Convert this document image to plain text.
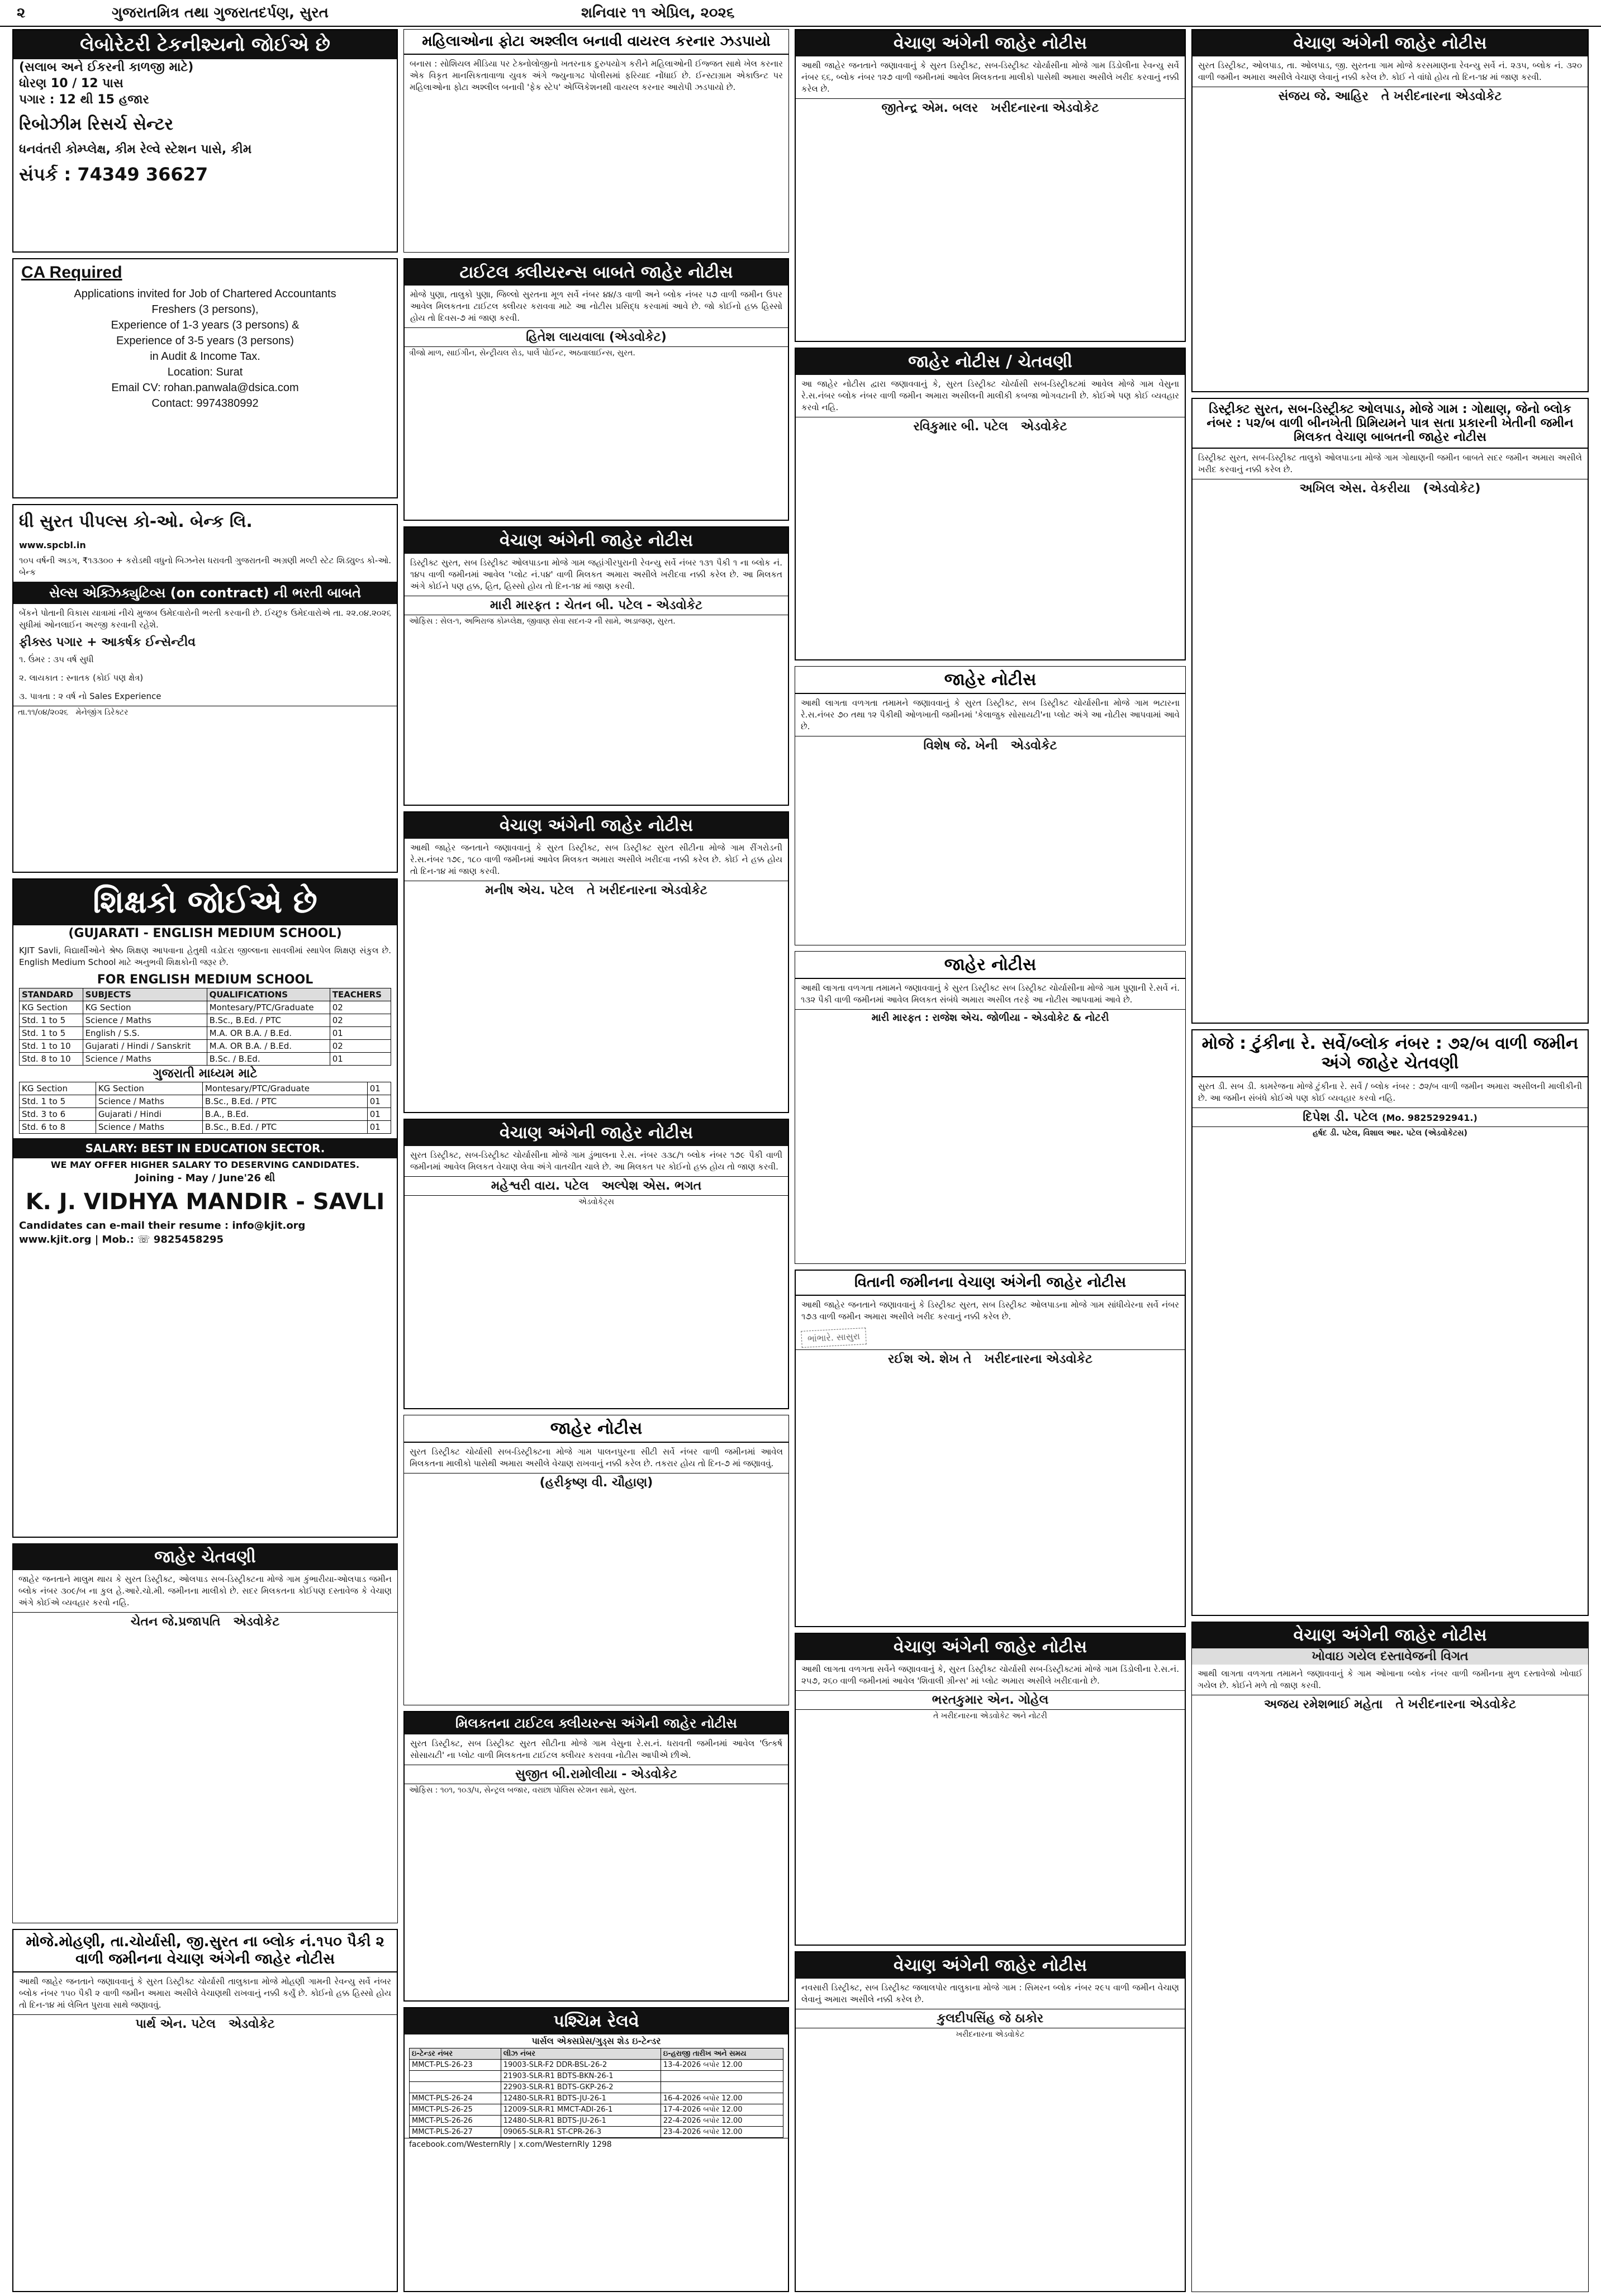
૨	ગુજરાતમિત્ર તથા ગુજરાતદર્પણ, સુરત	શનિવાર ૧૧ એપ્રિલ, ૨૦૨૬
લેબોરેટરી ટેકનીશ્યનો જોઈએ છે
(સલાબ અને ઈકરની કાળજી માટે)
ધોરણ 10 / 12 પાસ
પગાર : 12 થી 15 હજાર
રિબોઝીમ રિસર્ચ સેન્ટર
ધનવંતરી કોમ્પ્લેક્ષ, કીમ રેલ્વે સ્ટેશન પાસે, કીમ
સંપર્ક : 74349 36627
CA Required
Applications invited for Job of Chartered Accountants
Freshers (3 persons),
Experience of 1-3 years (3 persons) &
Experience of 3-5 years (3 persons)
in Audit & Income Tax.
Location: Surat
Email CV: rohan.panwala@dsica.com
Contact: 9974380992
ધી સુરત પીપલ્સ કો-ઓ. બેન્ક લિ.
www.spcbl.in
૧૦૫ વર્ષની અડગ, ₹૧૩૩૦૦ + કરોડથી વધુનો બિઝનેસ ધરાવતી ગુજરાતની અગ્રણી મલ્ટી સ્ટેટ શિડ્યુલ્ડ કો-ઓ. બેન્ક
સેલ્સ એક્ઝિક્યુટિવ્સ (on contract) ની ભરતી બાબતે
બેંકને પોતાની વિકાસ યાત્રામાં નીચે મુજબ ઉમેદવારોની ભરતી કરવાની છે. ઈચ્છુક ઉમેદવારોએ તા. ૨૨.૦૪.૨૦૨૬ સુધીમાં ઓનલાઈન અરજી કરવાની રહેશે.
ફીક્સ્ડ પગાર + આકર્ષક ઈન્સેન્ટીવ
૧. ઉંમર : ૩૫ વર્ષ સુધી
૨. લાયકાત : સ્નાતક (કોઈ પણ ક્ષેત્ર)
૩. પાત્રતા : ૨ વર્ષ નો Sales Experience
તા.૧૧/૦૪/૨૦૨૬ મેનેજીંગ ડિરેક્ટર
શિક્ષકો જોઈએ છે
(GUJARATI - ENGLISH MEDIUM SCHOOL)
KJIT Savli, વિદ્યાર્થીઓને શ્રેષ્ઠ શિક્ષણ આપવાના હેતુથી વડોદરા જીલ્લાના સાવલીમાં સ્થાપેલ શિક્ષણ સંકુલ છે. English Medium School માટે અનુભવી શિક્ષકોની જરૂર છે.
FOR ENGLISH MEDIUM SCHOOL
STANDARD	SUBJECTS	QUALIFICATIONS	TEACHERS
KG Section	KG Section	Montesary/PTC/Graduate	02
Std. 1 to 5	Science / Maths	B.Sc., B.Ed. / PTC	02
Std. 1 to 5	English / S.S.	M.A. OR B.A. / B.Ed.	01
Std. 1 to 10	Gujarati / Hindi / Sanskrit	M.A. OR B.A. / B.Ed.	02
Std. 8 to 10	Science / Maths	B.Sc. / B.Ed.	01
ગુજરાતી માધ્યમ માટે
KG Section	KG Section	Montesary/PTC/Graduate	01
Std. 1 to 5	Science / Maths	B.Sc., B.Ed. / PTC	01
Std. 3 to 6	Gujarati / Hindi	B.A., B.Ed.	01
Std. 6 to 8	Science / Maths	B.Sc., B.Ed. / PTC	01
SALARY: BEST IN EDUCATION SECTOR.
WE MAY OFFER HIGHER SALARY TO DESERVING CANDIDATES.
Joining - May / June'26 થી
K. J. VIDHYA MANDIR - SAVLI
Candidates can e-mail their resume : info@kjit.org
www.kjit.org | Mob.: ☏ 9825458295
જાહેર ચેતવણી
જાહેર જનતાને માલુમ થાય કે સુરત ડિસ્ટ્રીક્ટ, ઓલપાડ સબ-ડિસ્ટ્રીક્ટના મોજે ગામ કુંભારીયા-ઓલપાડ જમીન બ્લોક નંબર ૩૦૯/બ ના કુલ હે.આરે.ચો.મી. જમીનના માલીકો છે. સદર મિલકતના કોઈપણ દસ્તાવેજ કે વેચાણ અંગે કોઈએ વ્યવહાર કરવો નહિ.
ચેતન જે.પ્રજાપતિ એડવોકેટ
મોજે.મોહણી, તા.ચોર્યાસી, જી.સુરત ના બ્લોક નં.૧૫૦ પૈકી ૨ વાળી જમીનના વેચાણ અંગેની જાહેર નોટીસ
આથી જાહેર જનતાને જણાવવાનું કે સુરત ડિસ્ટ્રીક્ટ ચોર્યાસી તાલુકાના મોજે મોહણી ગામની રેવન્યુ સર્વે નંબર બ્લોક નંબર ૧૫૦ પૈકી ૨ વાળી જમીન અમારા અસીલે વેચાણથી રાખવાનું નક્કી કર્યું છે. કોઈનો હક્ક હિસ્સો હોય તો દિન-૧૪ માં લેખિત પુરાવા સાથે જણાવવું.
પાર્થ એન. પટેલ એડવોકેટ
મહિલાઓના ફોટા અશ્લીલ બનાવી વાયરલ કરનાર ઝડપાયો
બનાસ : સોશિયલ મીડિયા પર ટેક્નોલોજીનો ખતરનાક દુરુપયોગ કરીને મહિલાઓની ઈજ્જત સાથે ખેલ કરનાર એક વિકૃત માનસિકતાવાળા યુવક અંગે જ્યુનાગઢ પોલીસમાં ફરિયાદ નોંધાઈ છે. ઈન્સ્ટાગ્રામ એકાઉન્ટ પર મહિલાઓના ફોટા અશ્લીલ બનાવી 'ફેક સ્ટેપ' એપ્લિકેશનથી વાયરલ કરનાર આરોપી ઝડપાયો છે.
ટાઈટલ ક્લીયરન્સ બાબતે જાહેર નોટીસ
મોજે પુણા, તાલુકો પુણા, જિલ્લો સુરતના મૂળ સર્વે નંબર ૪૪/૩ વાળી અને બ્લોક નંબર ૫૭ વાળી જમીન ઉપર આવેલ મિલકતના ટાઈટલ ક્લીયર કરાવવા માટે આ નોટીસ પ્રસિદ્ધ કરવામાં આવે છે. જો કોઈનો હક્ક હિસ્સો હોય તો દિવસ-૭ માં જાણ કરવી.
હિતેશ લાયવાલા (એડવોકેટ)
ત્રીજો માળ, સાઈગીન, સેન્ટ્રીયલ રોડ, પાર્લે પોઈન્ટ, અઠવાલાઈન્સ, સુરત.
વેચાણ અંગેની જાહેર નોટીસ
ડિસ્ટ્રીક્ટ સુરત, સબ ડિસ્ટ્રીક્ટ ઓલપાડના મોજે ગામ જહાંગીરપુરાની રેવન્યુ સર્વે નંબર ૧૩૧ પૈકી ૧ ના બ્લોક નં. ૧૪૫ વાળી જમીનમાં આવેલ 'પ્લોટ નં.૫૪' વાળી મિલકત અમારા અસીલે ખરીદવા નક્કી કરેલ છે. આ મિલકત અંગે કોઈને પણ હક્ક, હિત, હિસ્સો હોય તો દિન-૧૪ માં જાણ કરવી.
મારી મારફત : ચેતન બી. પટેલ - એડવોકેટ
ઓફિસ : સેલ-૧, અભિરાજ કોમ્પ્લેક્ષ, જીવાણ સેવા સદન-૨ ની સામે, અડાજણ, સુરત.
વેચાણ અંગેની જાહેર નોટીસ
આથી જાહેર જનતાને જણાવવાનું કે સુરત ડિસ્ટ્રીક્ટ, સબ ડિસ્ટ્રીક્ટ સુરત સીટીના મોજે ગામ રીંગરોડની રે.સ.નંબર ૧૭૯, ૧૮૦ વાળી જમીનમાં આવેલ મિલકત અમારા અસીલે ખરીદવા નક્કી કરેલ છે. કોઈ ને હક્ક હોય તો દિન-૧૪ માં જાણ કરવી.
મનીષ એચ. પટેલ તે ખરીદનારના એડવોકેટ
વેચાણ અંગેની જાહેર નોટીસ
સુરત ડિસ્ટ્રીક્ટ, સબ-ડિસ્ટ્રીક્ટ ચોર્યાસીના મોજે ગામ ડુંભાલના રે.સ. નંબર ૩૩૮/૧ બ્લોક નંબર ૧૭૯ પૈકી વાળી જમીનમાં આવેલ મિલકત વેચાણ લેવા અંગે વાતચીત ચાલે છે. આ મિલકત પર કોઈનો હક્ક હોય તો જાણ કરવી.
મહેશ્વરી વાય. પટેલ અલ્પેશ એસ. ભગત
એડવોકેટ્સ
જાહેર નોટીસ
સુરત ડિસ્ટ્રીક્ટ ચોર્યાસી સબ-ડિસ્ટ્રીક્ટના મોજે ગામ પાલનપુરના સીટી સર્વે નંબર વાળી જમીનમાં આવેલ મિલકતના માલીકો પાસેથી અમારા અસીલે વેચાણ રાખવાનું નક્કી કરેલ છે. તકરાર હોય તો દિન-૭ માં જણાવવું.
(હરીકૃષ્ણ વી. ચૌહાણ)
મિલકતના ટાઈટલ ક્લીયરન્સ અંગેની જાહેર નોટીસ
સુરત ડિસ્ટ્રીક્ટ, સબ ડિસ્ટ્રીક્ટ સુરત સીટીના મોજે ગામ વેસુના રે.સ.નં. ધરાવતી જમીનમાં આવેલ 'ઉત્કર્ષ સોસાયટી' ના પ્લોટ વાળી મિલકતના ટાઈટલ ક્લીયર કરાવવા નોટીસ આપીએ છીએ.
સુજીત બી.રામોલીયા - એડવોકેટ
ઓફિસ : ૧૦૧, ૧૦૩/૫, સેન્ટ્રલ બજાર, વરાછા પોલિસ સ્ટેશન સામે, સુરત.
પશ્ચિમ રેલવે
પાર્સલ એક્સપ્રેસ/ગુડ્સ શેડ ઇ-ટેન્ડર
ઇ-ટેન્ડર નંબર	લીઝ નંબર	ઇ-હરાજી તારીખ અને સમય
MMCT-PLS-26-23	19003-SLR-F2 DDR-BSL-26-2	13-4-2026 બપોર 12.00
	21903-SLR-R1 BDTS-BKN-26-1	
	22903-SLR-R1 BDTS-GKP-26-2	
MMCT-PLS-26-24	12480-SLR-R1 BDTS-JU-26-1	16-4-2026 બપોર 12.00
MMCT-PLS-26-25	12009-SLR-R1 MMCT-ADI-26-1	17-4-2026 બપોર 12.00
MMCT-PLS-26-26	12480-SLR-R1 BDTS-JU-26-1	22-4-2026 બપોર 12.00
MMCT-PLS-26-27	09065-SLR-R1 ST-CPR-26-3	23-4-2026 બપોર 12.00
facebook.com/WesternRly | x.com/WesternRly 1298
વેચાણ અંગેની જાહેર નોટીસ
આથી જાહેર જનતાને જણાવવાનું કે સુરત ડિસ્ટ્રીક્ટ, સબ-ડિસ્ટ્રીક્ટ ચોર્યાસીના મોજે ગામ ડિંડોલીના રેવન્યુ સર્વે નંબર ૬૬, બ્લોક નંબર ૧૨૭ વાળી જમીનમાં આવેલ મિલકતના માલીકો પાસેથી અમારા અસીલે ખરીદ કરવાનું નક્કી કરેલ છે.
જીતેન્દ્ર એમ. બલર ખરીદનારના એડવોકેટ
જાહેર નોટીસ / ચેતવણી
આ જાહેર નોટીસ દ્વારા જણાવવાનું કે, સુરત ડિસ્ટ્રીક્ટ ચોર્યાસી સબ-ડિસ્ટ્રીક્ટમાં આવેલ મોજે ગામ વેસુના રે.સ.નંબર બ્લોક નંબર વાળી જમીન અમારા અસીલની માલીકી કબજા ભોગવટાની છે. કોઈએ પણ કોઈ વ્યવહાર કરવો નહિ.
રવિકુમાર બી. પટેલ એડવોકેટ
જાહેર નોટીસ
આથી લાગતા વળગતા તમામને જણાવવાનું કે સુરત ડિસ્ટ્રીક્ટ, સબ ડિસ્ટ્રીક્ટ ચોર્યાસીના મોજે ગામ ભટારના રે.સ.નંબર ૭૦ તથા ૧૨ પૈકીથી ઓળખાતી જમીનમાં 'કેલાજુક સોસાયટી'ના પ્લોટ અંગે આ નોટીસ આપવામાં આવે છે.
વિશેષ જે. ખેની એડવોકેટ
જાહેર નોટીસ
આથી લાગતા વળગતા તમામને જણાવવાનું કે સુરત ડિસ્ટ્રીક્ટ સબ ડિસ્ટ્રીક્ટ ચોર્યાસીના મોજે ગામ પુણાની રે.સર્વે નં. ૧૩૨ પૈકી વાળી જમીનમાં આવેલ મિલકત સંબંધે અમારા અસીલ તરફે આ નોટીસ આપવામાં આવે છે.
મારી મારફત : રાજેશ એચ. જોળીયા - એડવોકેટ & નોટરી
વિતાની જમીનના વેચાણ અંગેની જાહેર નોટીસ
આથી જાહેર જનતાને જણાવવાનું કે ડિસ્ટ્રીક્ટ સુરત, સબ ડિસ્ટ્રીક્ટ ઓલપાડના મોજે ગામ સાંધીયેરના સર્વે નંબર ૧૭૩ વાળી જમીન અમારા અસીલે ખરીદ કરવાનું નક્કી કરેલ છે.
ભાંભારે. સાસુરા
રઈશ એ. શેખ તે ખરીદનારના એડવોકેટ
વેચાણ અંગેની જાહેર નોટીસ
આથી લાગતા વળગતા સર્વેને જણાવવાનું કે, સુરત ડિસ્ટ્રીક્ટ ચોર્યાસી સબ-ડિસ્ટ્રીક્ટમાં મોજે ગામ ડિંડોલીના રે.સ.નં. ૨૫૭, ૨૬૦ વાળી જમીનમાં આવેલ 'શિવાલી ગ્રીન્સ' માં પ્લોટ અમારા અસીલે ખરીદવાનો છે.
ભરતકુમાર એન. ગોહેલ
તે ખરીદનારના એડવોકેટ અને નોટરી
વેચાણ અંગેની જાહેર નોટીસ
નવસારી ડિસ્ટ્રીક્ટ, સબ ડિસ્ટ્રીક્ટ જલાલપોર તાલુકાના મોજે ગામ : સિમરન બ્લોક નંબર ૨૯૫ વાળી જમીન વેચાણ લેવાનું અમારા અસીલે નક્કી કરેલ છે.
કુલદીપસિંહ જે ઠાકોર
ખરીદનારના એડવોકેટ
વેચાણ અંગેની જાહેર નોટીસ
સુરત ડિસ્ટ્રીક્ટ, ઓલપાડ, તા. ઓલપાડ, જી. સુરતના ગામ મોજે કરસમાણના રેવન્યુ સર્વે નં. ૨૩૫, બ્લોક નં. ૩૨૦ વાળી જમીન અમારા અસીલે વેચાણ લેવાનું નક્કી કરેલ છે. કોઈ ને વાંધો હોય તો દિન-૧૪ માં જાણ કરવી.
સંજય જે. આહિર તે ખરીદનારના એડવોકેટ
ડિસ્ટ્રીક્ટ સુરત, સબ-ડિસ્ટ્રીક્ટ ઓલપાડ, મોજે ગામ : ગોથાણ, જેનો બ્લોક નંબર : ૫૨/બ વાળી બીનખેતી પ્રિમિયમને પાત્ર સતા પ્રકારની ખેતીની જમીન મિલકત વેચાણ બાબતની જાહેર નોટીસ
ડિસ્ટ્રીક્ટ સુરત, સબ-ડિસ્ટ્રીક્ટ તાલુકો ઓલપાડના મોજે ગામ ગોથાણની જમીન બાબતે સદર જમીન અમારા અસીલે ખરીદ કરવાનું નક્કી કરેલ છે.
અખિલ એસ. વેકરીયા (એડવોકેટ)
મોજે : ટુંકીના રે. સર્વે/બ્લોક નંબર : ૭૨/બ વાળી જમીન અંગે જાહેર ચેતવણી
સુરત ડી. સબ ડી. કામરેજના મોજે ટુંકીના રે. સર્વે / બ્લોક નંબર : ૭૨/બ વાળી જમીન અમારા અસીલની માલીકીની છે. આ જમીન સંબંધે કોઈએ પણ કોઈ વ્યવહાર કરવો નહિ.
દિપેશ ડી. પટેલ (Mo. 9825292941.)
હર્ષદ ડી. પટેલ, વિશાલ આર. પટેલ (એડવોકેટસ)
વેચાણ અંગેની જાહેર નોટીસ
ખોવાઇ ગયેલ દસ્તાવેજની વિગત
આથી લાગતા વળગતા તમામને જણાવવાનું કે ગામ ઓખાના બ્લોક નંબર વાળી જમીનના મુળ દસ્તાવેજો ખોવાઈ ગયેલ છે. કોઈને મળે તો જાણ કરવી.
અજય રમેશભાઈ મહેતા તે ખરીદનારના એડવોકેટ
